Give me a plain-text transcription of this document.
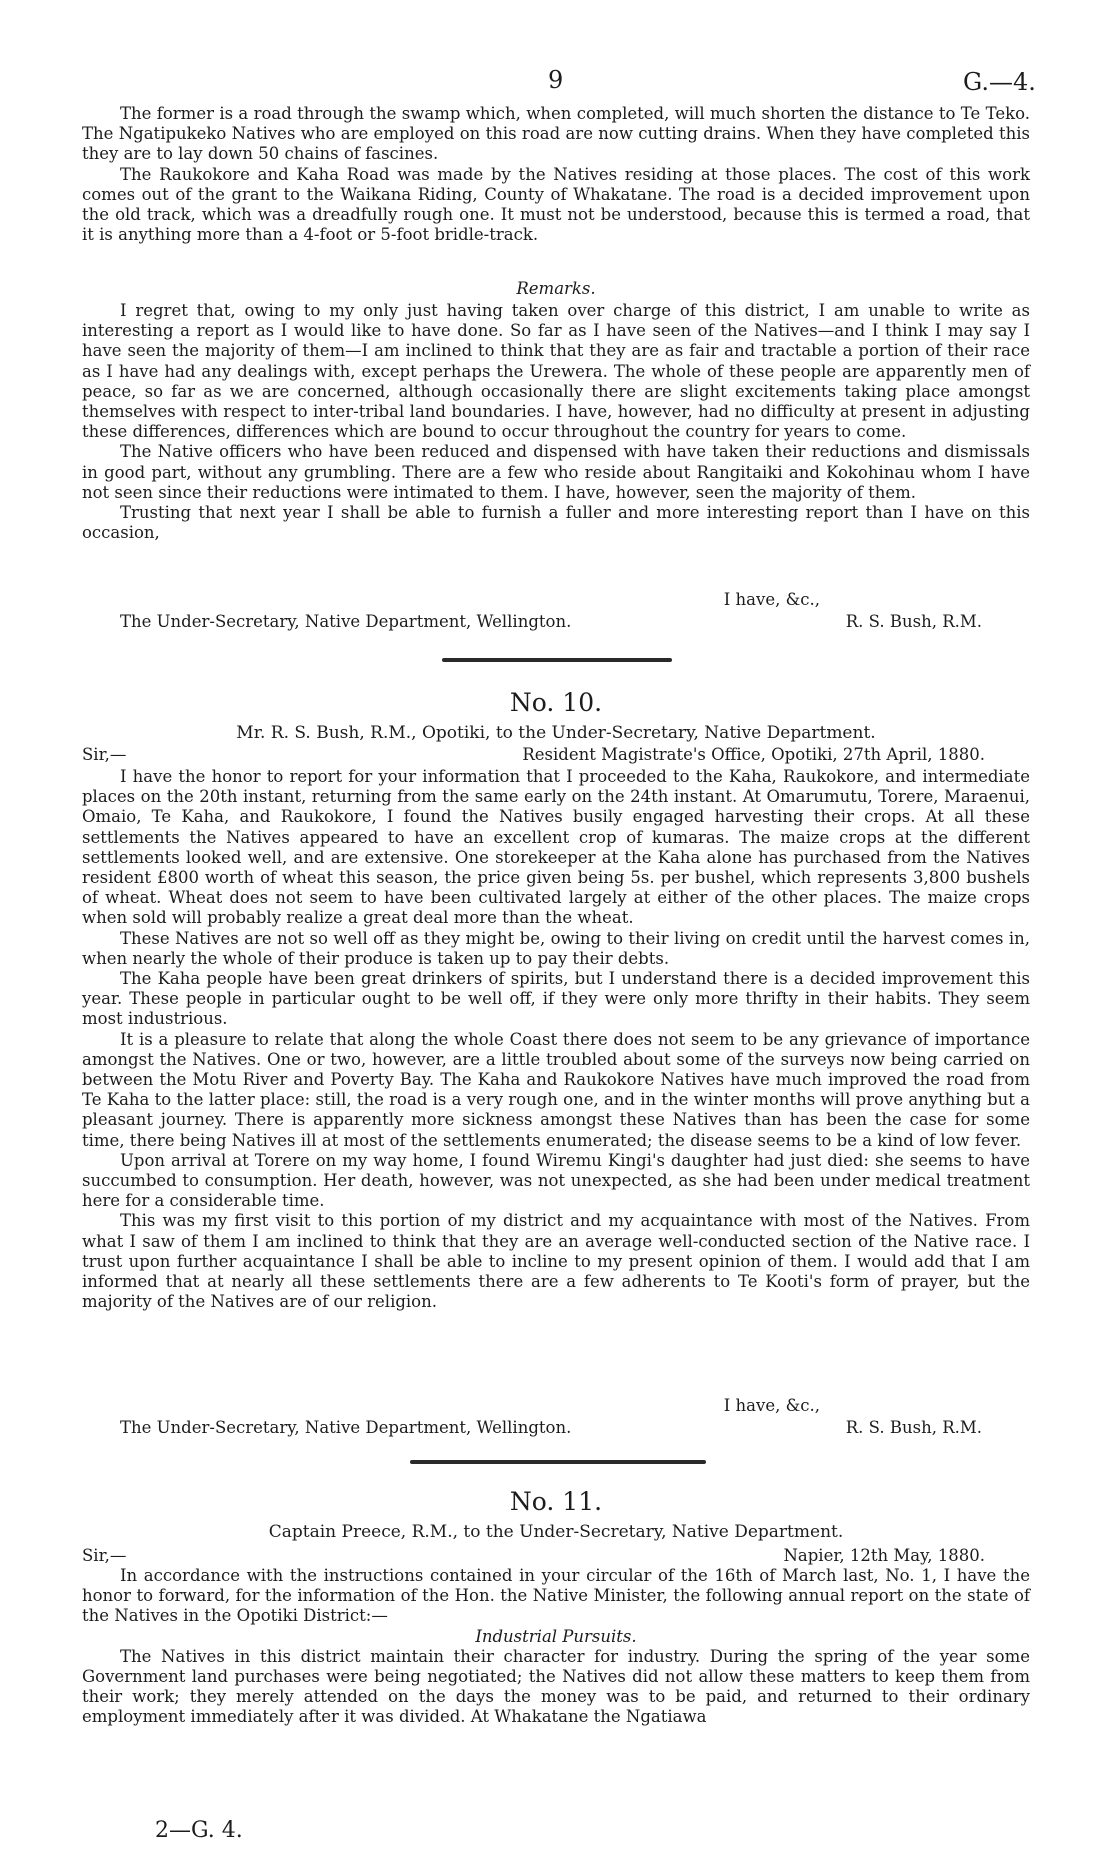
9	G.—4.

The former is a road through the swamp which, when completed, will much shorten the distance to Te Teko. The Ngatipukeko Natives who are employed on this road are now cutting drains. When they have completed this they are to lay down 50 chains of fascines.

The Raukokore and Kaha Road was made by the Natives residing at those places. The cost of this work comes out of the grant to the Waikana Riding, County of Whakatane. The road is a decided improvement upon the old track, which was a dreadfully rough one. It must not be understood, because this is termed a road, that it is anything more than a 4-foot or 5-foot bridle-track.

Remarks.

I regret that, owing to my only just having taken over charge of this district, I am unable to write as interesting a report as I would like to have done. So far as I have seen of the Natives—and I think I may say I have seen the majority of them—I am inclined to think that they are as fair and tractable a portion of their race as I have had any dealings with, except perhaps the Urewera. The whole of these people are apparently men of peace, so far as we are concerned, although occasionally there are slight excitements taking place amongst themselves with respect to inter-tribal land boundaries. I have, however, had no difficulty at present in adjusting these differences, differences which are bound to occur throughout the country for years to come.

The Native officers who have been reduced and dispensed with have taken their reductions and dismissals in good part, without any grumbling. There are a few who reside about Rangitaiki and Kokohinau whom I have not seen since their reductions were intimated to them. I have, however, seen the majority of them.

Trusting that next year I shall be able to furnish a fuller and more interesting report than I have on this occasion,

I have, &c.,
The Under-Secretary, Native Department, Wellington.	R. S. Bush, R.M.
No. 10.
Mr. R. S. Bush, R.M., Opotiki, to the Under-Secretary, Native Department.
Sir,—	Resident Magistrate's Office, Opotiki, 27th April, 1880.

I have the honor to report for your information that I proceeded to the Kaha, Raukokore, and intermediate places on the 20th instant, returning from the same early on the 24th instant. At Omarumutu, Torere, Maraenui, Omaio, Te Kaha, and Raukokore, I found the Natives busily engaged harvesting their crops. At all these settlements the Natives appeared to have an excellent crop of kumaras. The maize crops at the different settlements looked well, and are extensive. One storekeeper at the Kaha alone has purchased from the Natives resident £800 worth of wheat this season, the price given being 5s. per bushel, which represents 3,800 bushels of wheat. Wheat does not seem to have been cultivated largely at either of the other places. The maize crops when sold will probably realize a great deal more than the wheat.

These Natives are not so well off as they might be, owing to their living on credit until the harvest comes in, when nearly the whole of their produce is taken up to pay their debts.

The Kaha people have been great drinkers of spirits, but I understand there is a decided improvement this year. These people in particular ought to be well off, if they were only more thrifty in their habits. They seem most industrious.

It is a pleasure to relate that along the whole Coast there does not seem to be any grievance of importance amongst the Natives. One or two, however, are a little troubled about some of the surveys now being carried on between the Motu River and Poverty Bay. The Kaha and Raukokore Natives have much improved the road from Te Kaha to the latter place: still, the road is a very rough one, and in the winter months will prove anything but a pleasant journey. There is apparently more sickness amongst these Natives than has been the case for some time, there being Natives ill at most of the settlements enumerated; the disease seems to be a kind of low fever.

Upon arrival at Torere on my way home, I found Wiremu Kingi's daughter had just died: she seems to have succumbed to consumption. Her death, however, was not unexpected, as she had been under medical treatment here for a considerable time.

This was my first visit to this portion of my district and my acquaintance with most of the Natives. From what I saw of them I am inclined to think that they are an average well-conducted section of the Native race. I trust upon further acquaintance I shall be able to incline to my present opinion of them. I would add that I am informed that at nearly all these settlements there are a few adherents to Te Kooti's form of prayer, but the majority of the Natives are of our religion.

I have, &c.,
The Under-Secretary, Native Department, Wellington.	R. S. Bush, R.M.
No. 11.
Captain Preece, R.M., to the Under-Secretary, Native Department.
Sir,—	Napier, 12th May, 1880.

In accordance with the instructions contained in your circular of the 16th of March last, No. 1, I have the honor to forward, for the information of the Hon. the Native Minister, the following annual report on the state of the Natives in the Opotiki District:—

Industrial Pursuits.

The Natives in this district maintain their character for industry. During the spring of the year some Government land purchases were being negotiated; the Natives did not allow these matters to keep them from their work; they merely attended on the days the money was to be paid, and returned to their ordinary employment immediately after it was divided. At Whakatane the Ngatiawa

2—G. 4.
